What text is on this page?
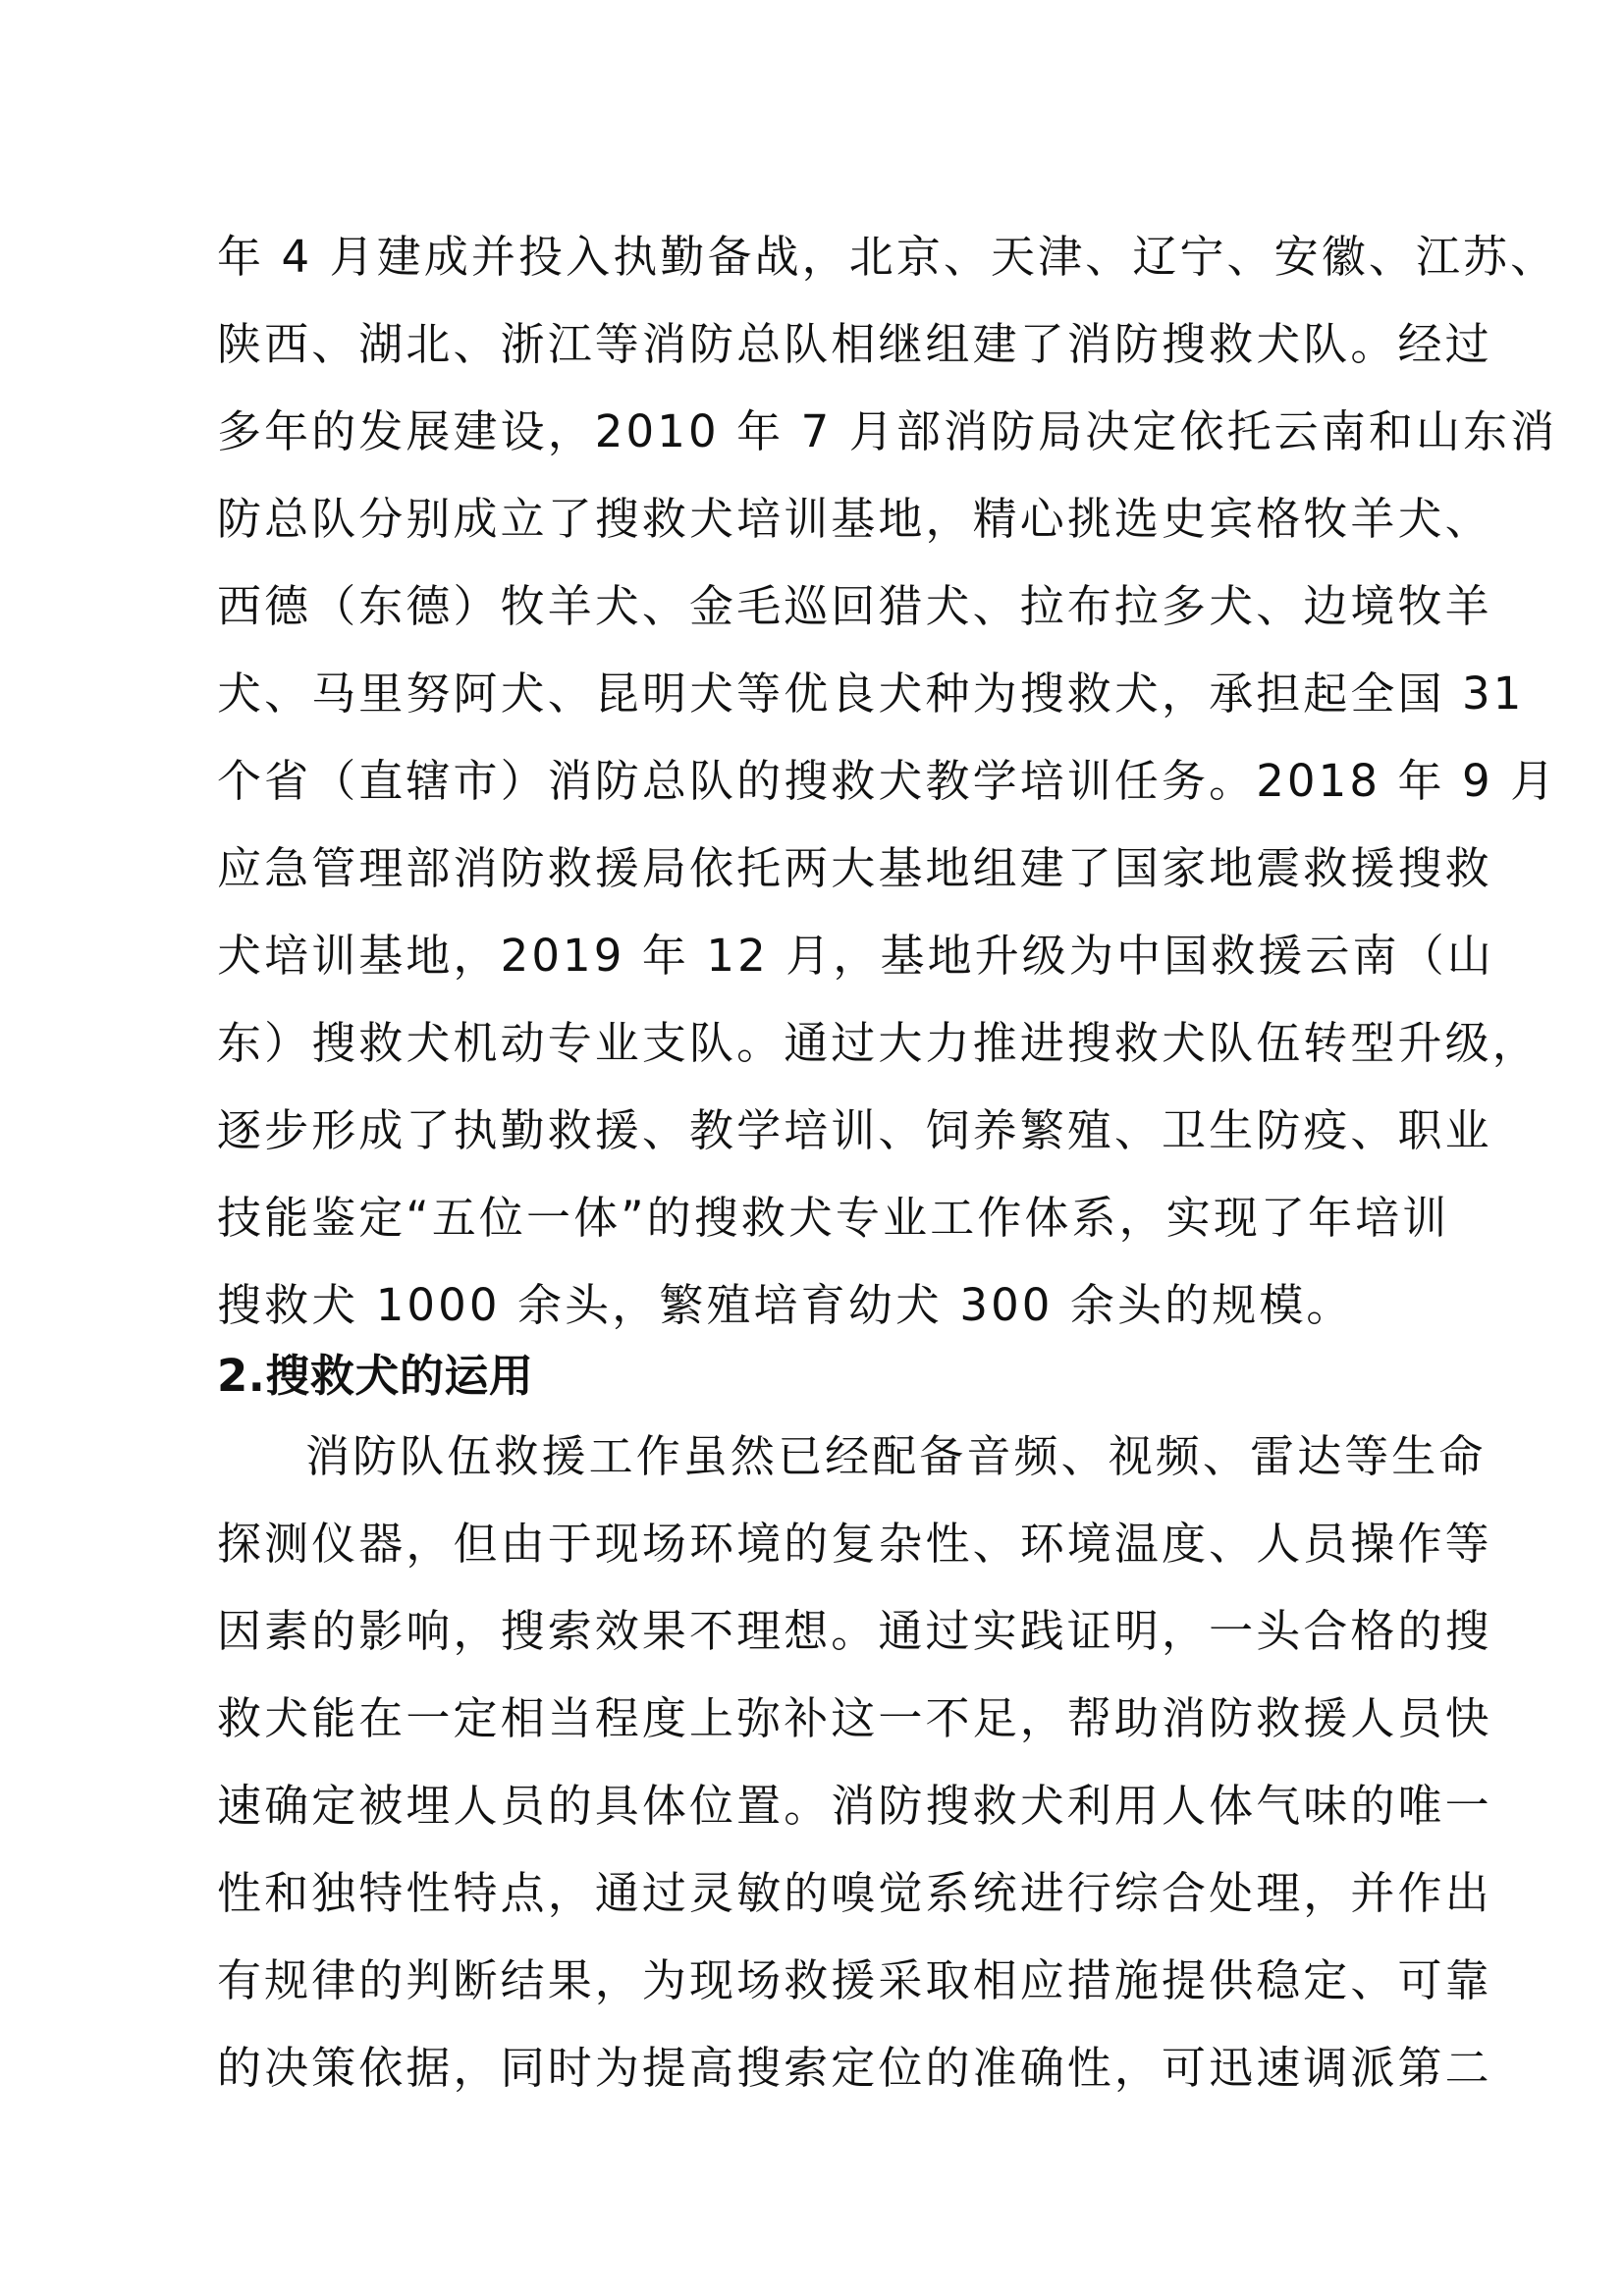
年 4 月建成并投入执勤备战，北京、天津、辽宁、安徽、江苏、
陕西、湖北、浙江等消防总队相继组建了消防搜救犬队。经过
多年的发展建设，2010 年 7 月部消防局决定依托云南和山东消
防总队分别成立了搜救犬培训基地，精心挑选史宾格牧羊犬、
西德（东德）牧羊犬、金毛巡回猎犬、拉布拉多犬、边境牧羊
犬、马里努阿犬、昆明犬等优良犬种为搜救犬，承担起全国 31
个省（直辖市）消防总队的搜救犬教学培训任务。2018 年 9 月
应急管理部消防救援局依托两大基地组建了国家地震救援搜救
犬培训基地，2019 年 12 月，基地升级为中国救援云南（山
东）搜救犬机动专业支队。通过大力推进搜救犬队伍转型升级，
逐步形成了执勤救援、教学培训、饲养繁殖、卫生防疫、职业
技能鉴定“五位一体”的搜救犬专业工作体系，实现了年培训
搜救犬 1000 余头，繁殖培育幼犬 300 余头的规模。
2.搜救犬的运用
消防队伍救援工作虽然已经配备音频、视频、雷达等生命
探测仪器，但由于现场环境的复杂性、环境温度、人员操作等
因素的影响，搜索效果不理想。通过实践证明，一头合格的搜
救犬能在一定相当程度上弥补这一不足，帮助消防救援人员快
速确定被埋人员的具体位置。消防搜救犬利用人体气味的唯一
性和独特性特点，通过灵敏的嗅觉系统进行综合处理，并作出
有规律的判断结果，为现场救援采取相应措施提供稳定、可靠
的决策依据，同时为提高搜索定位的准确性，可迅速调派第二
